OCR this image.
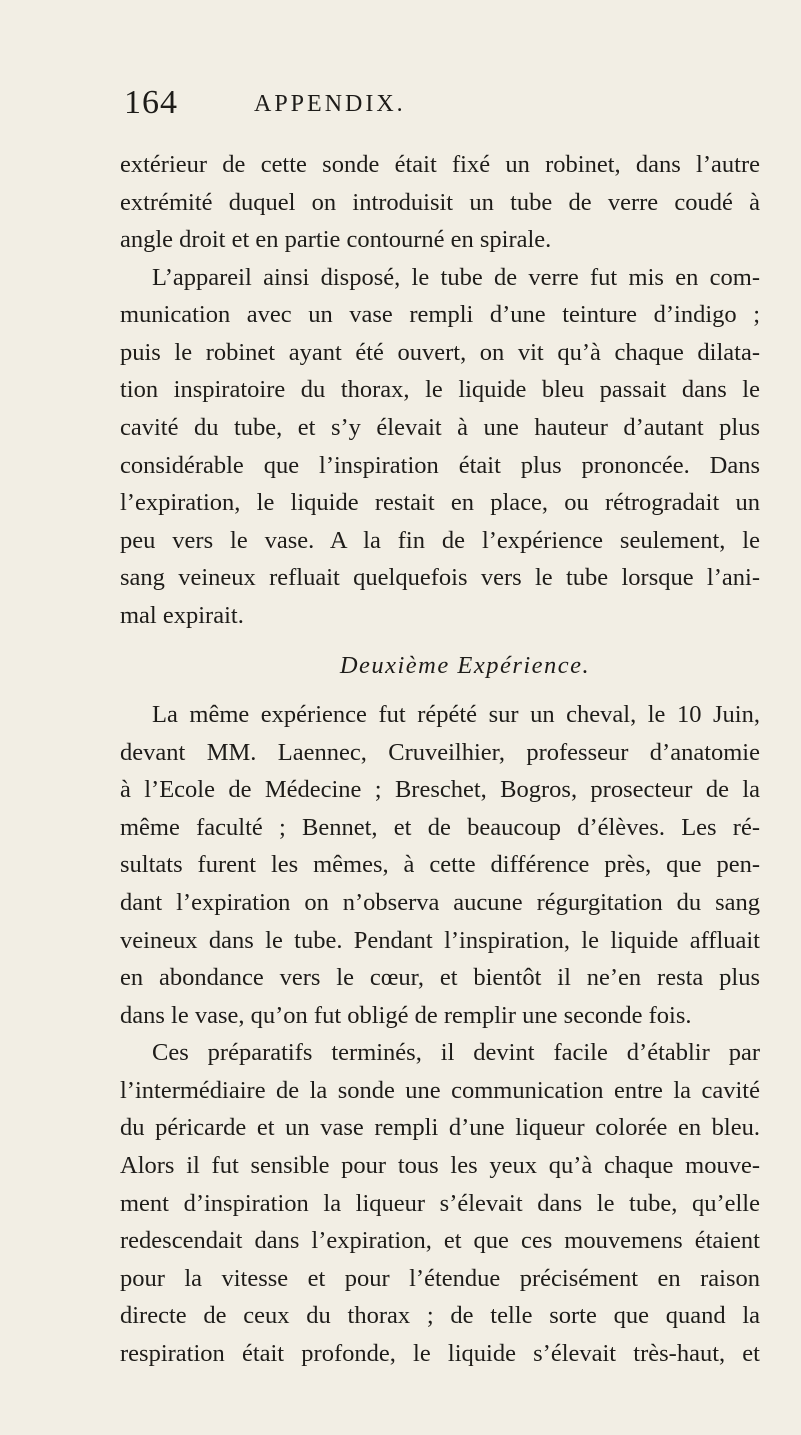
164	APPENDIX.
extérieur de cette sonde était fixé un robinet, dans l’autre
extrémité duquel on introduisit un tube de verre coudé à
angle droit et en partie contourné en spirale.
L’appareil ainsi disposé, le tube de verre fut mis en com-
munication avec un vase rempli d’une teinture d’indigo ;
puis le robinet ayant été ouvert, on vit qu’à chaque dilata-
tion inspiratoire du thorax, le liquide bleu passait dans le
cavité du tube, et s’y élevait à une hauteur d’autant plus
considérable que l’inspiration était plus prononcée. Dans
l’expiration, le liquide restait en place, ou rétrogradait un
peu vers le vase. A la fin de l’expérience seulement, le
sang veineux refluait quelquefois vers le tube lorsque l’ani-
mal expirait.
Deuxième Expérience.
La même expérience fut répété sur un cheval, le 10 Juin,
devant MM. Laennec, Cruveilhier, professeur d’anatomie
à l’Ecole de Médecine ; Breschet, Bogros, prosecteur de la
même faculté ; Bennet, et de beaucoup d’élèves. Les ré-
sultats furent les mêmes, à cette différence près, que pen-
dant l’expiration on n’observa aucune régurgitation du sang
veineux dans le tube. Pendant l’inspiration, le liquide affluait
en abondance vers le cœur, et bientôt il ne’en resta plus
dans le vase, qu’on fut obligé de remplir une seconde fois.
Ces préparatifs terminés, il devint facile d’établir par
l’intermédiaire de la sonde une communication entre la cavité
du péricarde et un vase rempli d’une liqueur colorée en bleu.
Alors il fut sensible pour tous les yeux qu’à chaque mouve-
ment d’inspiration la liqueur s’élevait dans le tube, qu’elle
redescendait dans l’expiration, et que ces mouvemens étaient
pour la vitesse et pour l’étendue précisément en raison
directe de ceux du thorax ; de telle sorte que quand la
respiration était profonde, le liquide s’élevait très-haut, et
